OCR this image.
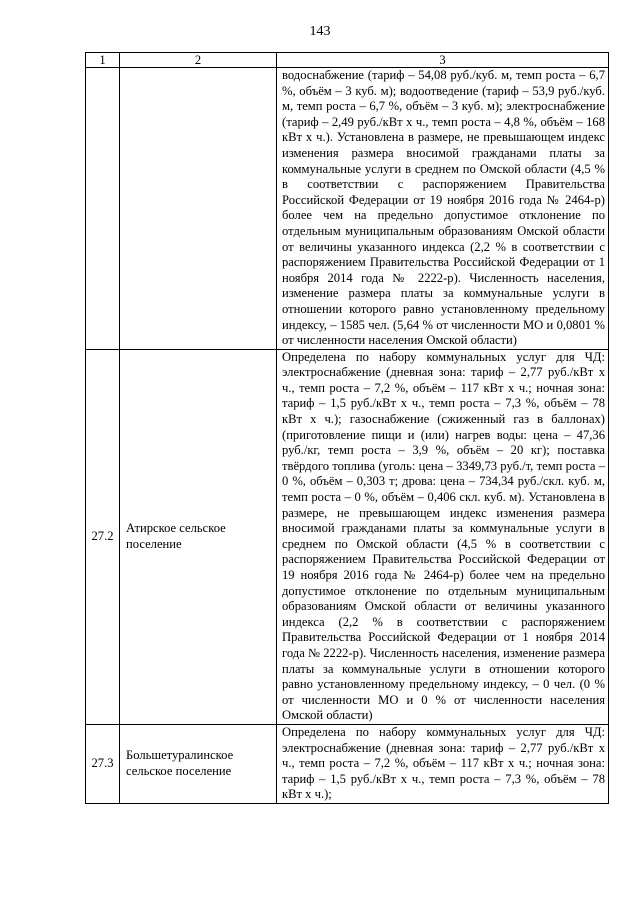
143
1	2	3

		водоснабжение (тариф – 54,08 руб./куб. м, темп роста – 6,7 %, объём – 3 куб. м); водоотведение (тариф – 53,9 руб./куб. м, темп роста – 6,7 %, объём – 3 куб. м); электроснабжение (тариф – 2,49 руб./кВт х ч., темп роста – 4,8 %, объём – 168 кВт х ч.). Установлена в размере, не превышающем индекс изменения размера вносимой гражданами платы за коммунальные услуги в среднем по Омской области (4,5 % в соответствии с распоряжением Правительства Российской Федерации от 19 ноября 2016 года № 2464-р) более чем на предельно допустимое отклонение по отдельным муниципальным образованиям Омской области от величины указанного индекса (2,2 % в соответствии с распоряжением Правительства Российской Федерации от 1 ноября 2014 года № 2222-р). Численность населения, изменение размера платы за коммунальные услуги в отношении которого равно установленному предельному индексу, – 1585 чел. (5,64 % от численности МО и 0,0801 % от численности населения Омской области)

27.2	Атирское сельское поселение	Определена по набору коммунальных услуг для ЧД: электроснабжение (дневная зона: тариф – 2,77 руб./кВт х ч., темп роста – 7,2 %, объём – 117 кВт х ч.; ночная зона: тариф – 1,5 руб./кВт х ч., темп роста – 7,3 %, объём – 78 кВт х ч.); газоснабжение (сжиженный газ в баллонах) (приготовление пищи и (или) нагрев воды: цена – 47,36 руб./кг, темп роста – 3,9 %, объём – 20 кг); поставка твёрдого топлива (уголь: цена – 3349,73 руб./т, темп роста – 0 %, объём – 0,303 т; дрова: цена – 734,34 руб./скл. куб. м, темп роста – 0 %, объём – 0,406 скл. куб. м). Установлена в размере, не превышающем индекс изменения размера вносимой гражданами платы за коммунальные услуги в среднем по Омской области (4,5 % в соответствии с распоряжением Правительства Российской Федерации от 19 ноября 2016 года № 2464-р) более чем на предельно допустимое отклонение по отдельным муниципальным образованиям Омской области от величины указанного индекса (2,2 % в соответствии с распоряжением Правительства Российской Федерации от 1 ноября 2014 года № 2222-р). Численность населения, изменение размера платы за коммунальные услуги в отношении которого равно установленному предельному индексу, – 0 чел. (0 % от численности МО и 0 % от численности населения Омской области)

27.3	Большетуралинское сельское поселение	Определена по набору коммунальных услуг для ЧД: электроснабжение (дневная зона: тариф – 2,77 руб./кВт х ч., темп роста – 7,2 %, объём – 117 кВт х ч.; ночная зона: тариф – 1,5 руб./кВт х ч., темп роста – 7,3 %, объём – 78 кВт х ч.);
